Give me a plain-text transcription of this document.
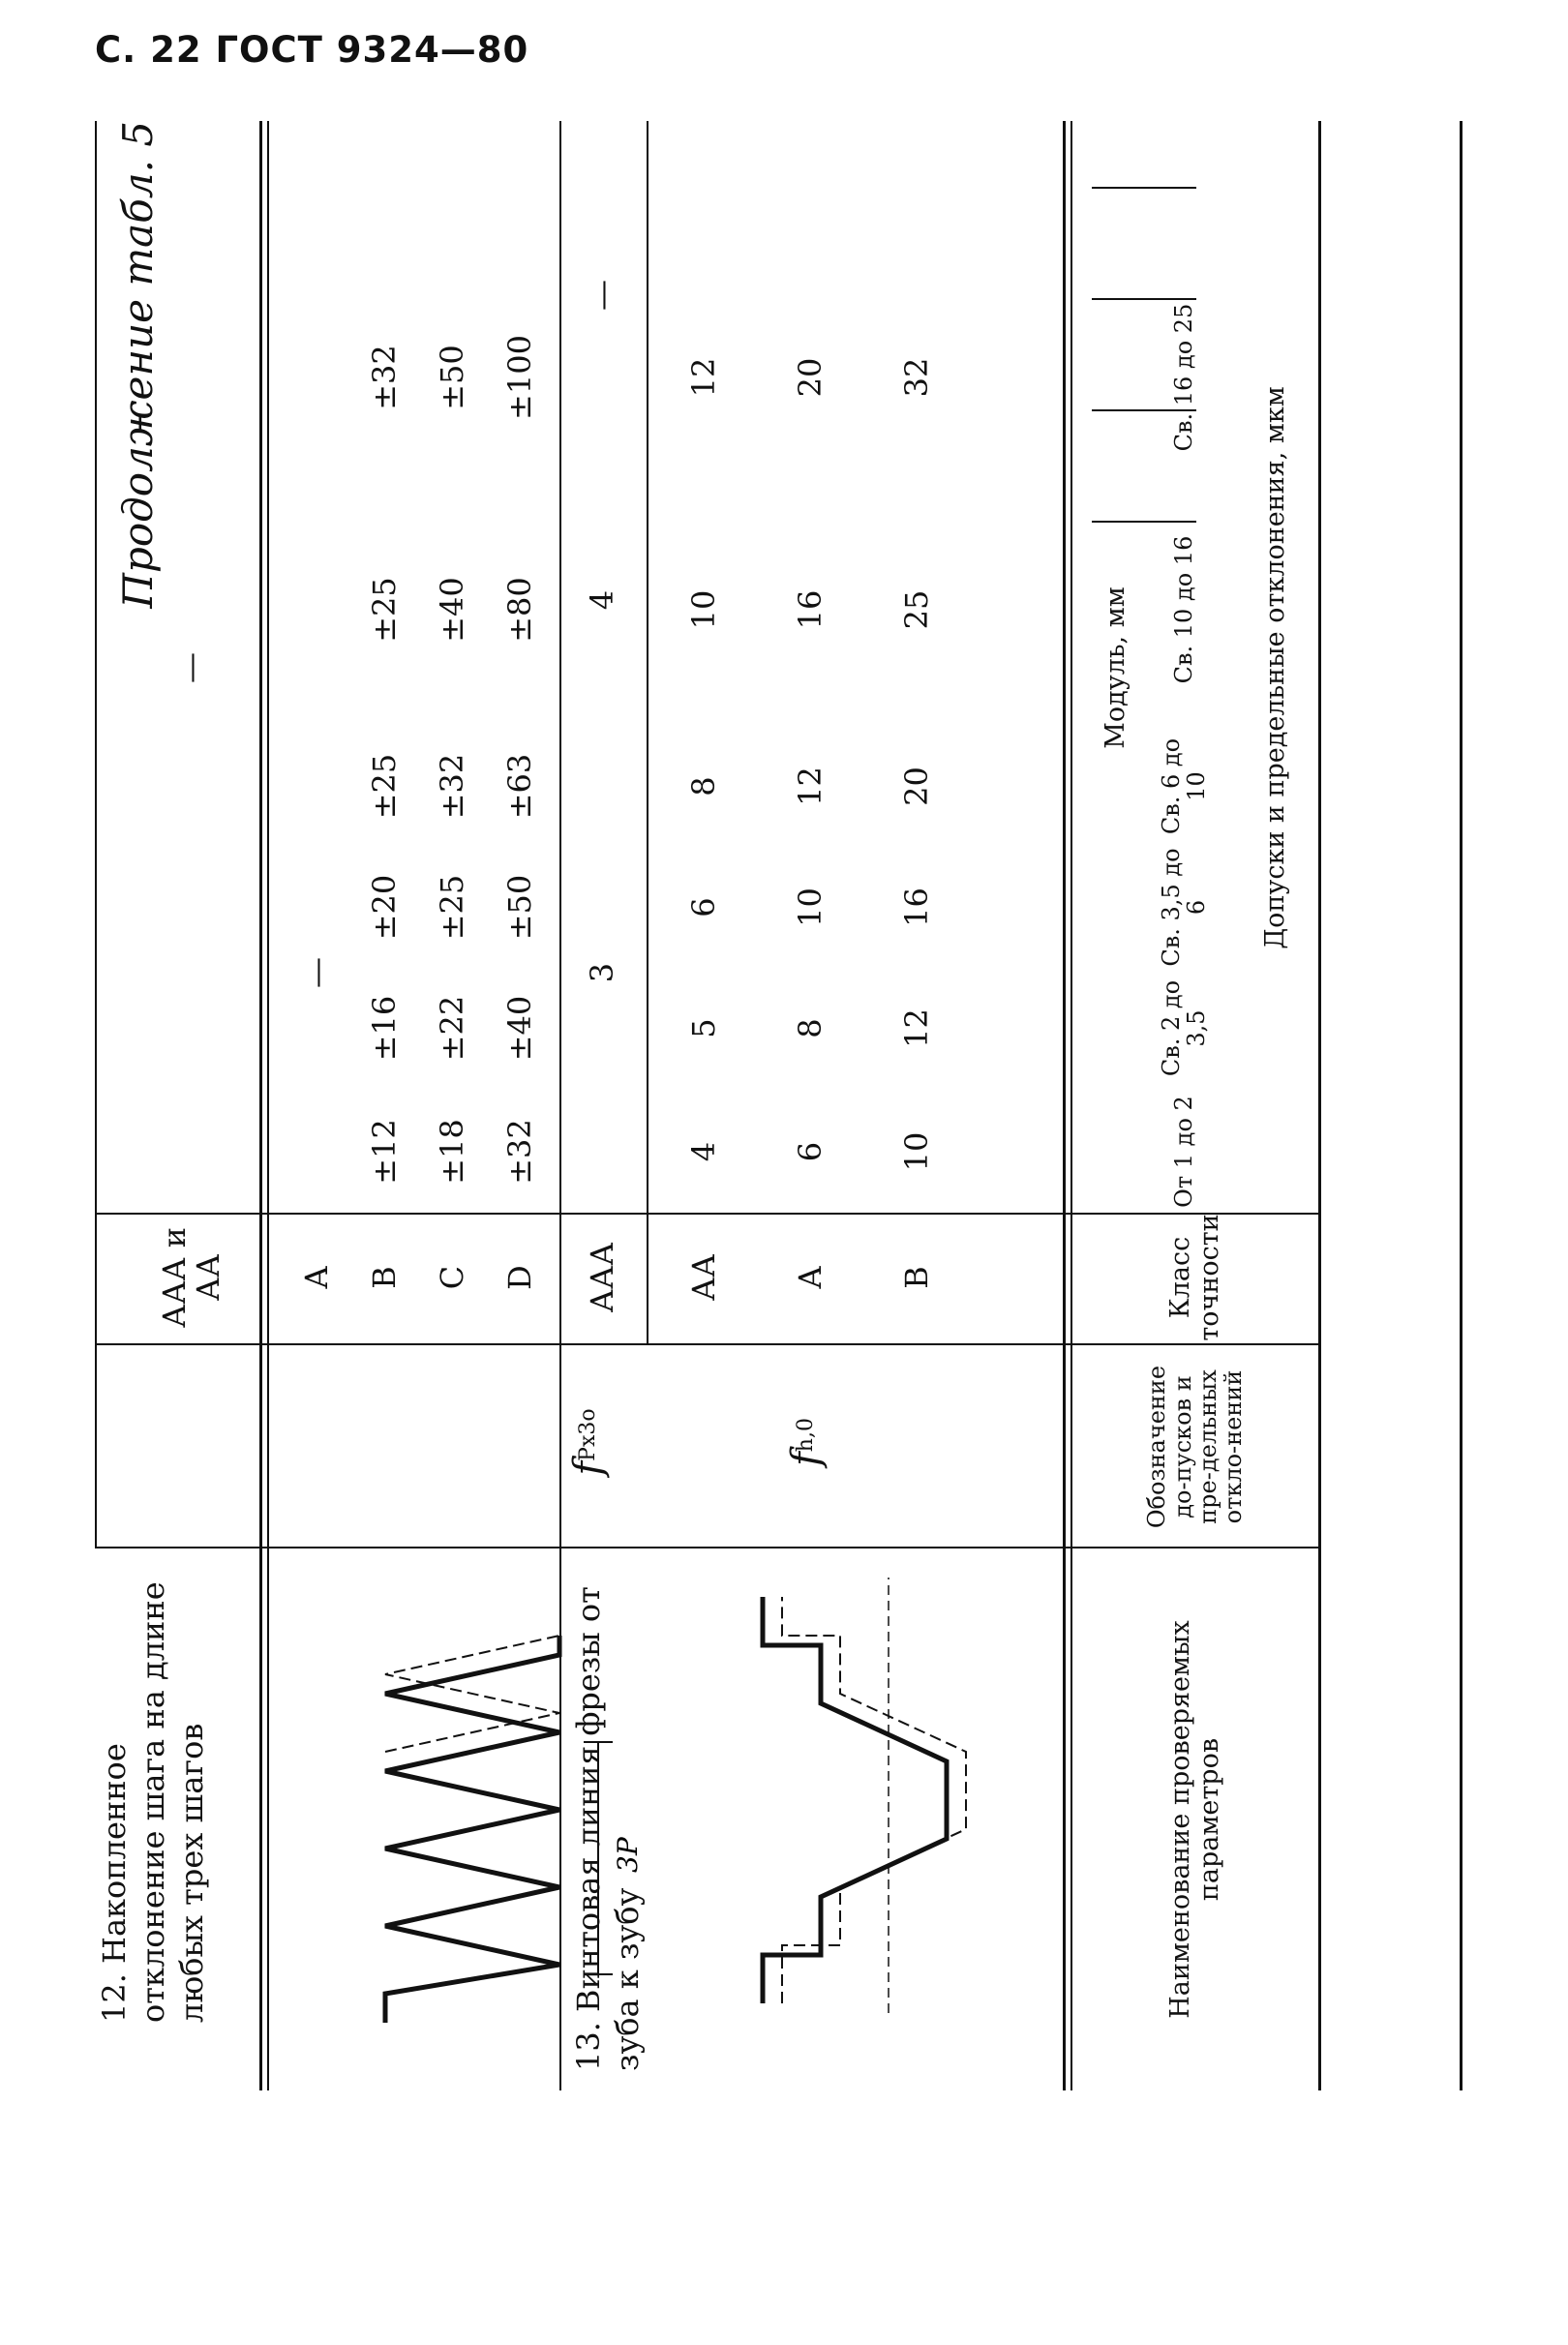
С. 22 ГОСТ 9324—80
Продолжение табл. 5
Наименование проверяемых параметров
Обозначение до-пусков и пре-дельных откло-нений
Класс точности
Модуль, мм
От 1 до 2
Св. 2 до 3,5
Св. 3,5 до 6
Св. 6 до 10
Св. 10 до 16
Св. 16 до 25
Допуски и предельные отклонения, мкм
12. Накопленное отклонение шага на длине любых трех шагов	3P
f
Px3o
ААА и АА
—
А
—
В
±12
±16
±20
±25
±25
±32
С
±18
±22
±25
±32
±40
±50
D
±32
±40
±50
±63
±80
±100
13. Винтовая линия фрезы от зуба к зубу
f
h,0
ААА
3
4
—
АА
4
5
6
8
10
12
А
6
8
10
12
16
20
В
10
12
16
20
25
32
